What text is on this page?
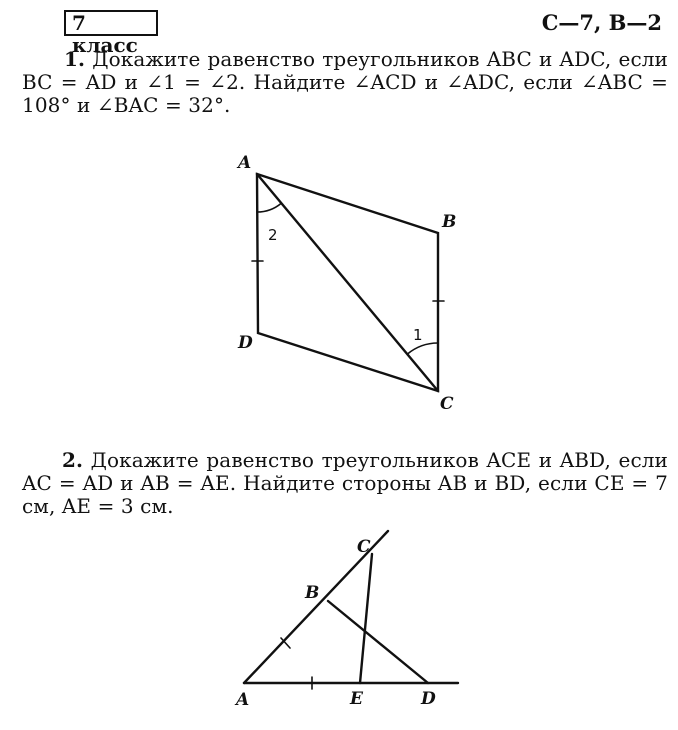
7 класс
С—7, В—2
1. Докажите равенство треугольников ABC и ADC, если BC = AD и ∠1 = ∠2. Найдите ∠ACD и ∠ADC, если ∠ABC = 108° и ∠BAC = 32°.
2. Докажите равенство треугольников ACE и ABD, если AC = AD и AB = AE. Найдите стороны AB и BD, если CE = 7 см, AE = 3 см.
A
B
C
D
2
1
A
B
C
D
E
